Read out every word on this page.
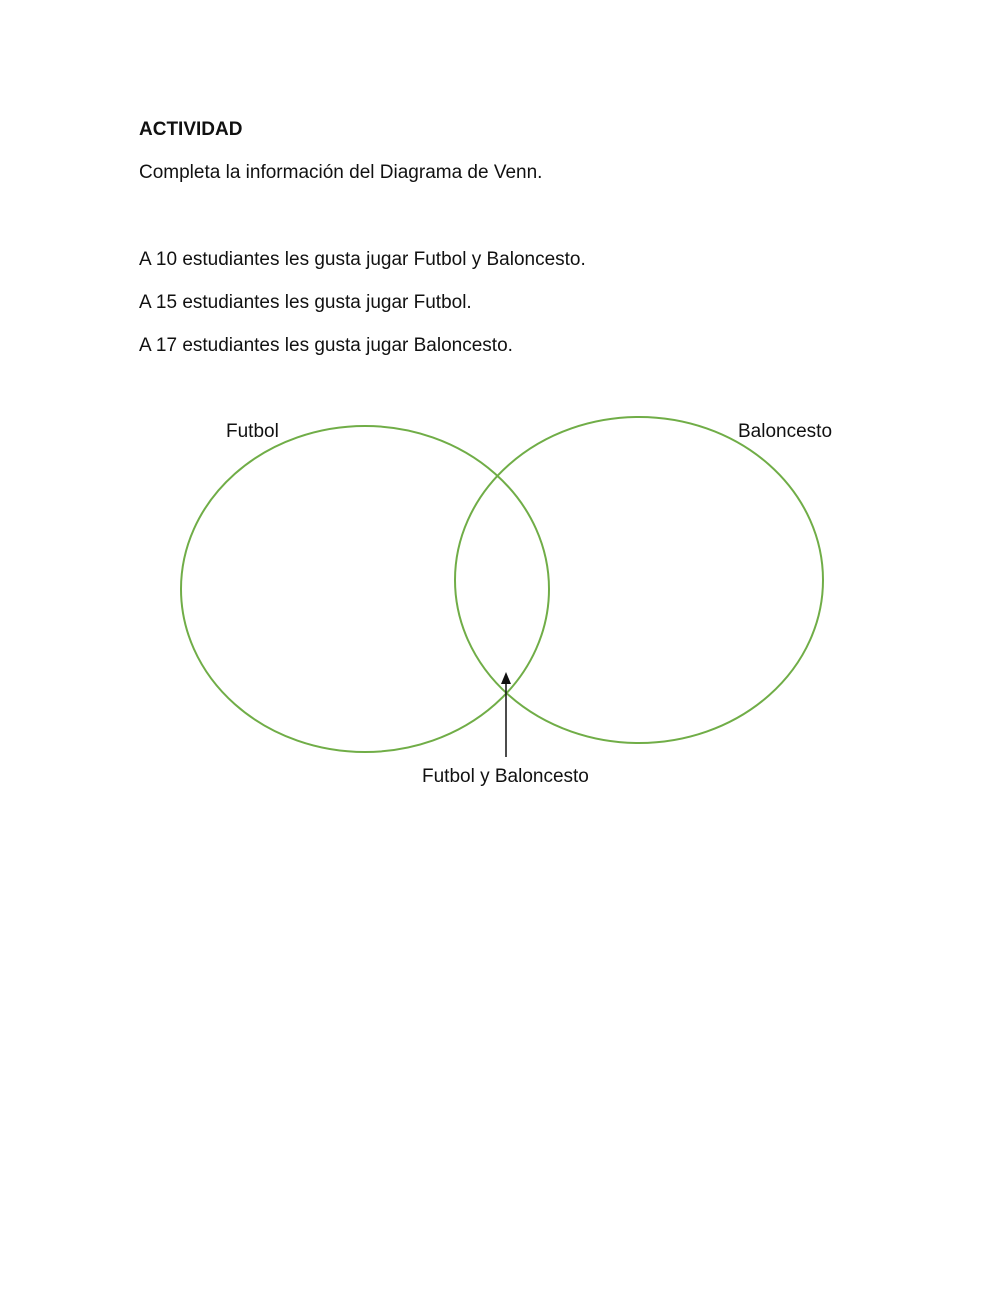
ACTIVIDAD
Completa la información del Diagrama de Venn.
A 10 estudiantes les gusta jugar Futbol y Baloncesto.
A 15 estudiantes les gusta jugar Futbol.
A 17 estudiantes les gusta jugar Baloncesto.
Futbol	Baloncesto
Futbol y Baloncesto
